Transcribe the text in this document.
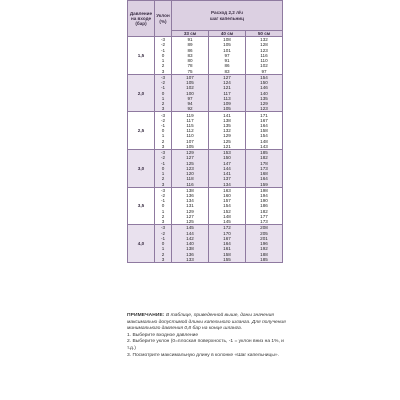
Давление на входе (бар)	Уклон (%)	Расход 2,2 л/ч
шаг капельниц		

		33 см	40 см	50 см
1,5	-3	91	108	132
	-2	89	105	128
	-1	86	101	123
	0	83	97	116
	1	80	91	110
	2	78	86	102
	3	75	83	97
2,0	-3	107	127	154
	-2	105	124	150
	-1	102	121	146
	0	100	117	140
	1	97	113	135
	2	94	109	129
	3	92	105	123
2,5	-3	119	141	171
	-2	117	138	167
	-1	115	135	164
	0	112	132	158
	1	110	129	154
	2	107	125	148
	3	105	121	143
3,0	-3	129	153	185
	-2	127	150	182
	-1	125	147	178
	0	123	144	173
	1	120	141	168
	2	118	137	164
	3	116	134	159
3,5	-3	138	163	198
	-2	136	160	194
	-1	134	157	190
	0	131	154	186
	1	129	152	182
	2	127	148	177
	3	125	145	173
4,0	-3	145	172	208
	-2	144	170	205
	-1	142	167	201
	0	140	164	196
	1	138	161	192
	2	136	158	188
	3	133	155	185

ПРИМЕЧАНИЕ: В таблице, приведенной выше, даны значения максимально допустимой длины капельного шланга. Для получения минимального давления 0,8 бар на конце шланга.

1. Выберите входное давление

2. Выберите уклон (0=плоская поверхность, -1 = уклон вниз на 1%, и т.д.)

3. Посмотрите максимальную длину в колонке «Шаг капельницы».
